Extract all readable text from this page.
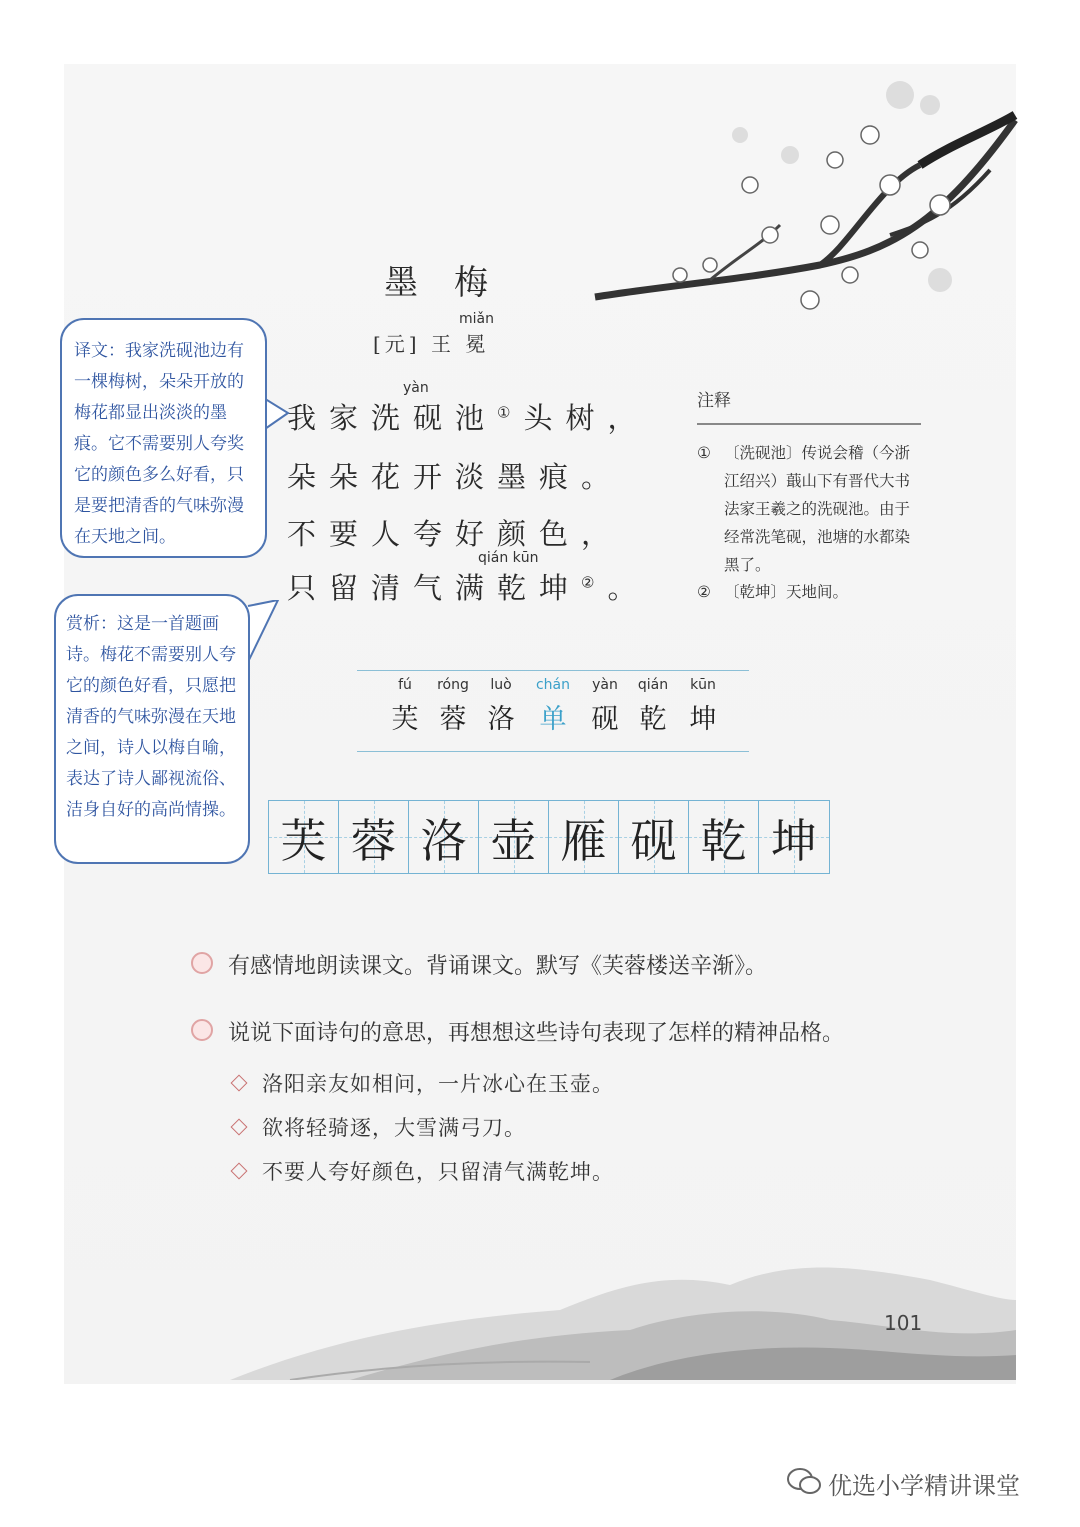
墨梅
miǎn
[元] 王 冕
yàn
我家洗砚池①头树，
朵朵花开淡墨痕。
不要人夸好颜色，
qián kūn
只留清气满乾坤②。
注释
① 〔洗砚池〕传说会稽（今浙江绍兴）蕺山下有晋代大书法家王羲之的洗砚池。由于经常洗笔砚，池塘的水都染黑了。
② 〔乾坤〕天地间。
译文：我家洗砚池边有一棵梅树，朵朵开放的梅花都显出淡淡的墨痕。它不需要别人夸奖它的颜色多么好看，只是要把清香的气味弥漫在天地之间。
赏析：这是一首题画诗。梅花不需要别人夸它的颜色好看，只愿把清香的气味弥漫在天地之间，诗人以梅自喻，表达了诗人鄙视流俗、洁身自好的高尚情操。
fú
芙
róng
蓉
luò
洛
chán
单
yàn
砚
qián
乾
kūn
坤
芙 蓉 洛 壶 雁 砚 乾 坤
有感情地朗读课文。背诵课文。默写《芙蓉楼送辛渐》。
说说下面诗句的意思，再想想这些诗句表现了怎样的精神品格。
洛阳亲友如相问，一片冰心在玉壶。
欲将轻骑逐，大雪满弓刀。
不要人夸好颜色，只留清气满乾坤。
101
优选小学精讲课堂
